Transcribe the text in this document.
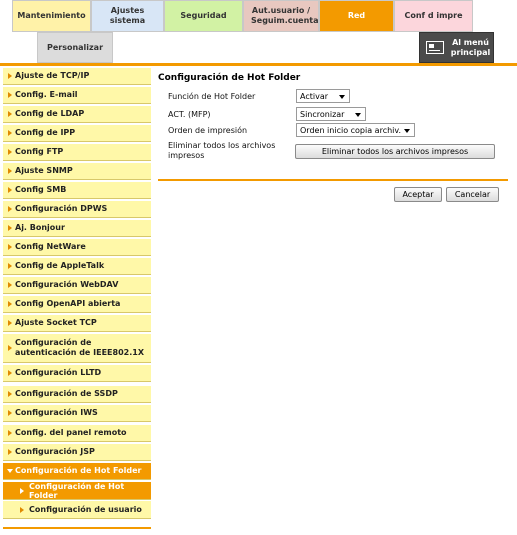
Mantenimiento
Ajustes sistema
Seguridad
Aut.usuario / Seguim.cuenta
Red	Conf d impre
Personalizar
Al menú principal
Ajuste de TCP/IP
Config. E-mail
Config de LDAP
Config de IPP
Config FTP
Ajuste SNMP
Config SMB
Configuración DPWS
Aj. Bonjour
Config NetWare
Config de AppleTalk
Configuración WebDAV
Config OpenAPI abierta
Ajuste Socket TCP
Configuración de autenticación de IEEE802.1X
Configuración LLTD
Configuración de SSDP
Configuración IWS
Config. del panel remoto
Configuración JSP
Configuración de Hot Folder
Configuración de Hot Folder
Configuración de usuario
Configuración de Hot Folder
Función de Hot Folder	Activar
ACT. (MFP)	Sincronizar
Orden de impresión	Orden inicio copia archiv.
Eliminar todos los archivos impresos	Eliminar todos los archivos impresos
Aceptar	Cancelar
